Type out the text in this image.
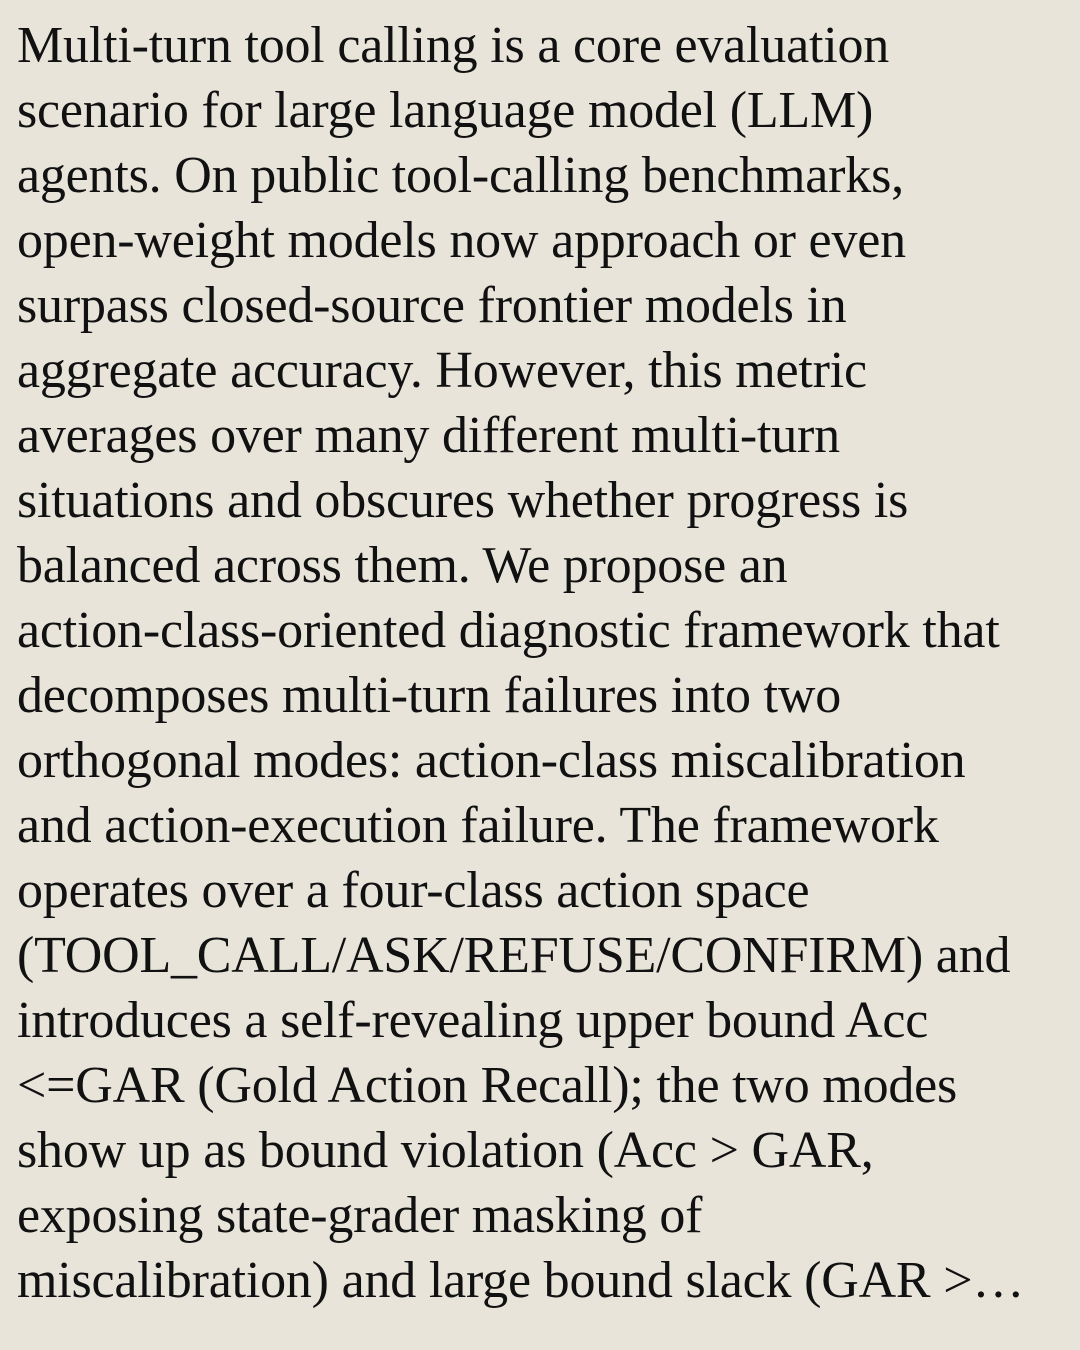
Multi-turn tool calling is a core evaluation
scenario for large language model (LLM)
agents. On public tool-calling benchmarks,
open-weight models now approach or even
surpass closed-source frontier models in
aggregate accuracy. However, this metric
averages over many different multi-turn
situations and obscures whether progress is
balanced across them. We propose an
action-class-oriented diagnostic framework that
decomposes multi-turn failures into two
orthogonal modes: action-class miscalibration
and action-execution failure. The framework
operates over a four-class action space
(TOOL_CALL/ASK/REFUSE/CONFIRM) and
introduces a self-revealing upper bound Acc
<=GAR (Gold Action Recall); the two modes
show up as bound violation (Acc > GAR,
exposing state-grader masking of
miscalibration) and large bound slack (GAR >…
